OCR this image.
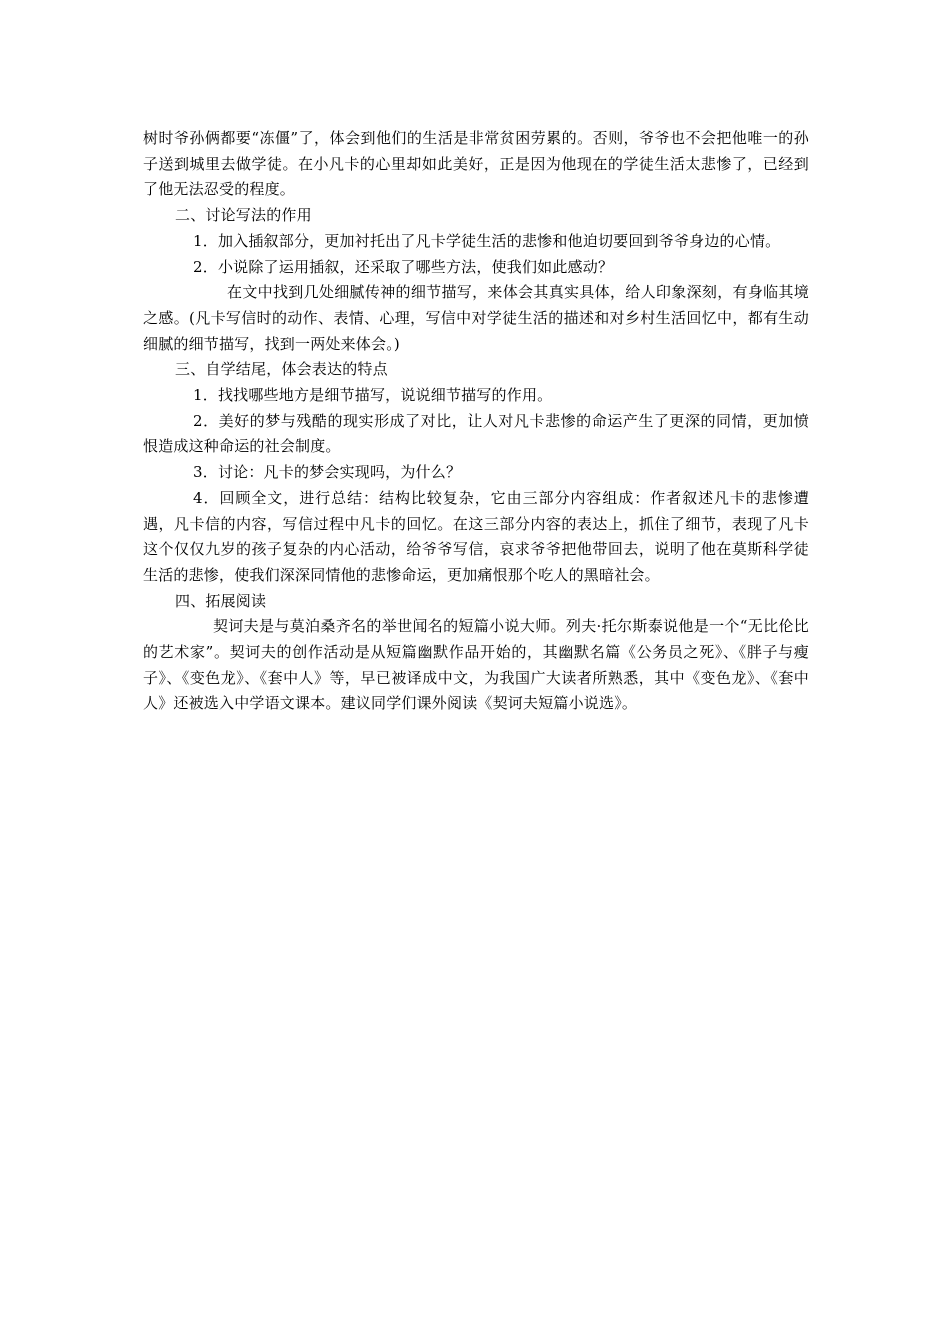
树时爷孙俩都要“冻僵”了，体会到他们的生活是非常贫困劳累的。否则，爷爷也不会把他唯一的孙子送到城里去做学徒。在小凡卡的心里却如此美好，正是因为他现在的学徒生活太悲惨了，已经到了他无法忍受的程度。

二、讨论写法的作用

1．加入插叙部分，更加衬托出了凡卡学徒生活的悲惨和他迫切要回到爷爷身边的心情。

2．小说除了运用插叙，还采取了哪些方法，使我们如此感动？

在文中找到几处细腻传神的细节描写，来体会其真实具体，给人印象深刻，有身临其境之感。(凡卡写信时的动作、表情、心理，写信中对学徒生活的描述和对乡村生活回忆中，都有生动细腻的细节描写，找到一两处来体会。)

三、自学结尾，体会表达的特点

1．找找哪些地方是细节描写，说说细节描写的作用。

2．美好的梦与残酷的现实形成了对比，让人对凡卡悲惨的命运产生了更深的同情，更加愤恨造成这种命运的社会制度。

3．讨论：凡卡的梦会实现吗，为什么？

4．回顾全文，进行总结：结构比较复杂，它由三部分内容组成：作者叙述凡卡的悲惨遭遇，凡卡信的内容，写信过程中凡卡的回忆。在这三部分内容的表达上，抓住了细节，表现了凡卡这个仅仅九岁的孩子复杂的内心活动，给爷爷写信，哀求爷爷把他带回去，说明了他在莫斯科学徒生活的悲惨，使我们深深同情他的悲惨命运，更加痛恨那个吃人的黑暗社会。

四、拓展阅读

契诃夫是与莫泊桑齐名的举世闻名的短篇小说大师。列夫·托尔斯泰说他是一个“无比伦比的艺术家”。契诃夫的创作活动是从短篇幽默作品开始的，其幽默名篇《公务员之死》、《胖子与瘦子》、《变色龙》、《套中人》等，早已被译成中文，为我国广大读者所熟悉，其中《变色龙》、《套中人》还被选入中学语文课本。建议同学们课外阅读《契诃夫短篇小说选》。
